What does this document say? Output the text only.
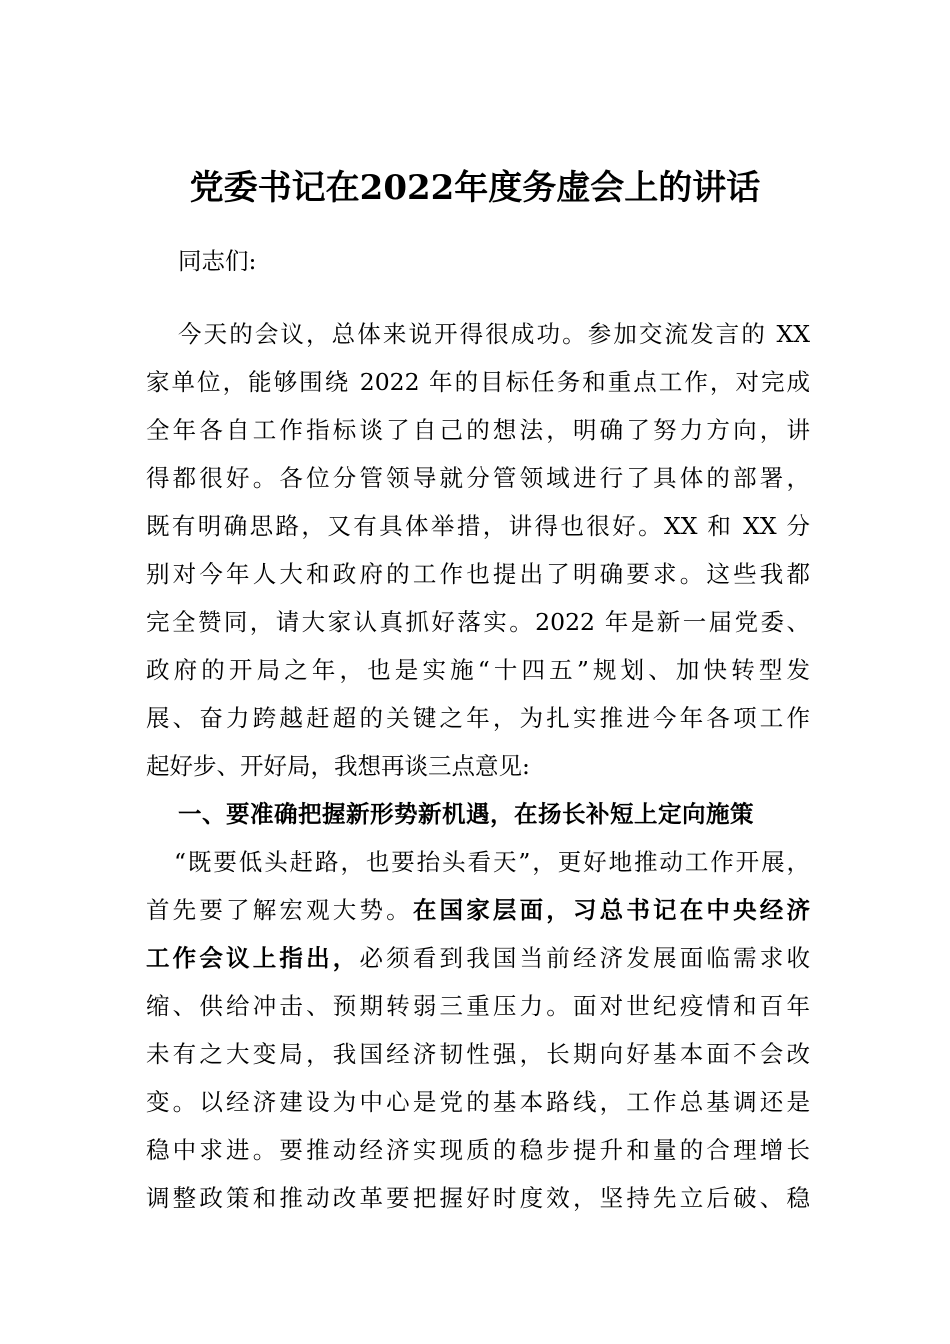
党委书记在2022年度务虚会上的讲话
同志们:
今天的会议，总体来说开得很成功。参加交流发言的 XX
家单位，能够围绕 2022 年的目标任务和重点工作，对完成
全年各自工作指标谈了自己的想法，明确了努力方向，讲
得都很好。各位分管领导就分管领域进行了具体的部署，
既有明确思路，又有具体举措，讲得也很好。XX 和 XX 分
别对今年人大和政府的工作也提出了明确要求。这些我都
完全赞同，请大家认真抓好落实。2022 年是新一届党委、
政府的开局之年，也是实施“十四五”规划、加快转型发
展、奋力跨越赶超的关键之年，为扎实推进今年各项工作
起好步、开好局，我想再谈三点意见:
一、要准确把握新形势新机遇，在扬长补短上定向施策
“既要低头赶路，也要抬头看天”，更好地推动工作开展，
首先要了解宏观大势。在国家层面，习总书记在中央经济
工作会议上指出，必须看到我国当前经济发展面临需求收
缩、供给冲击、预期转弱三重压力。面对世纪疫情和百年
未有之大变局，我国经济韧性强，长期向好基本面不会改
变。以经济建设为中心是党的基本路线，工作总基调还是
稳中求进。要推动经济实现质的稳步提升和量的合理增长
调整政策和推动改革要把握好时度效，坚持先立后破、稳
